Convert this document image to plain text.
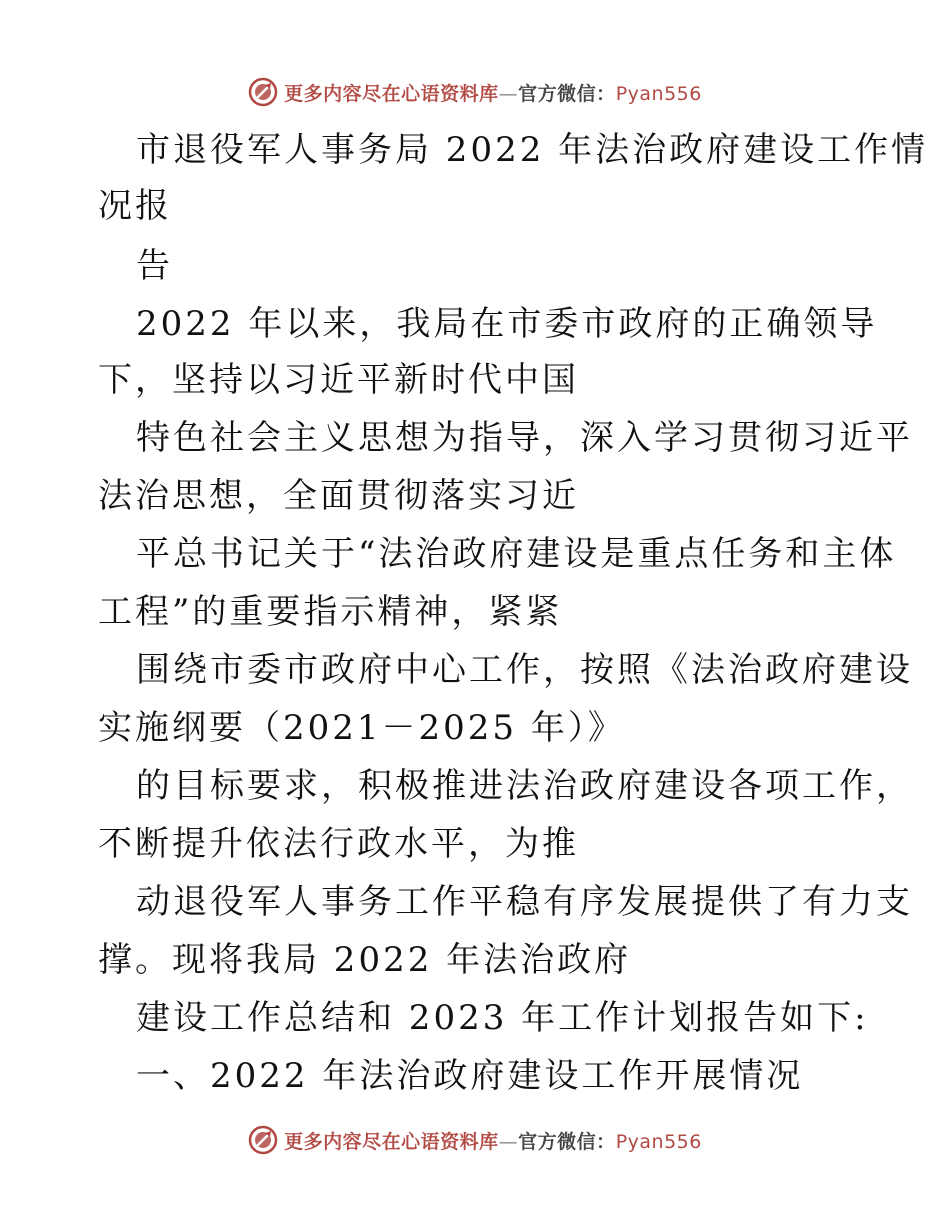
更多内容尽在心语资料库—官方微信：Pyan556
市退役军人事务局 2022 年法治政府建设工作情
况报
告
2022 年以来，我局在市委市政府的正确领导
下，坚持以习近平新时代中国
特色社会主义思想为指导，深入学习贯彻习近平
法治思想，全面贯彻落实习近
平总书记关于“法治政府建设是重点任务和主体
工程”的重要指示精神，紧紧
围绕市委市政府中心工作，按照《法治政府建设
实施纲要（2021－2025 年）》
的目标要求，积极推进法治政府建设各项工作，
不断提升依法行政水平，为推
动退役军人事务工作平稳有序发展提供了有力支
撑。现将我局 2022 年法治政府
建设工作总结和 2023 年工作计划报告如下:
一、2022 年法治政府建设工作开展情况
更多内容尽在心语资料库—官方微信：Pyan556
